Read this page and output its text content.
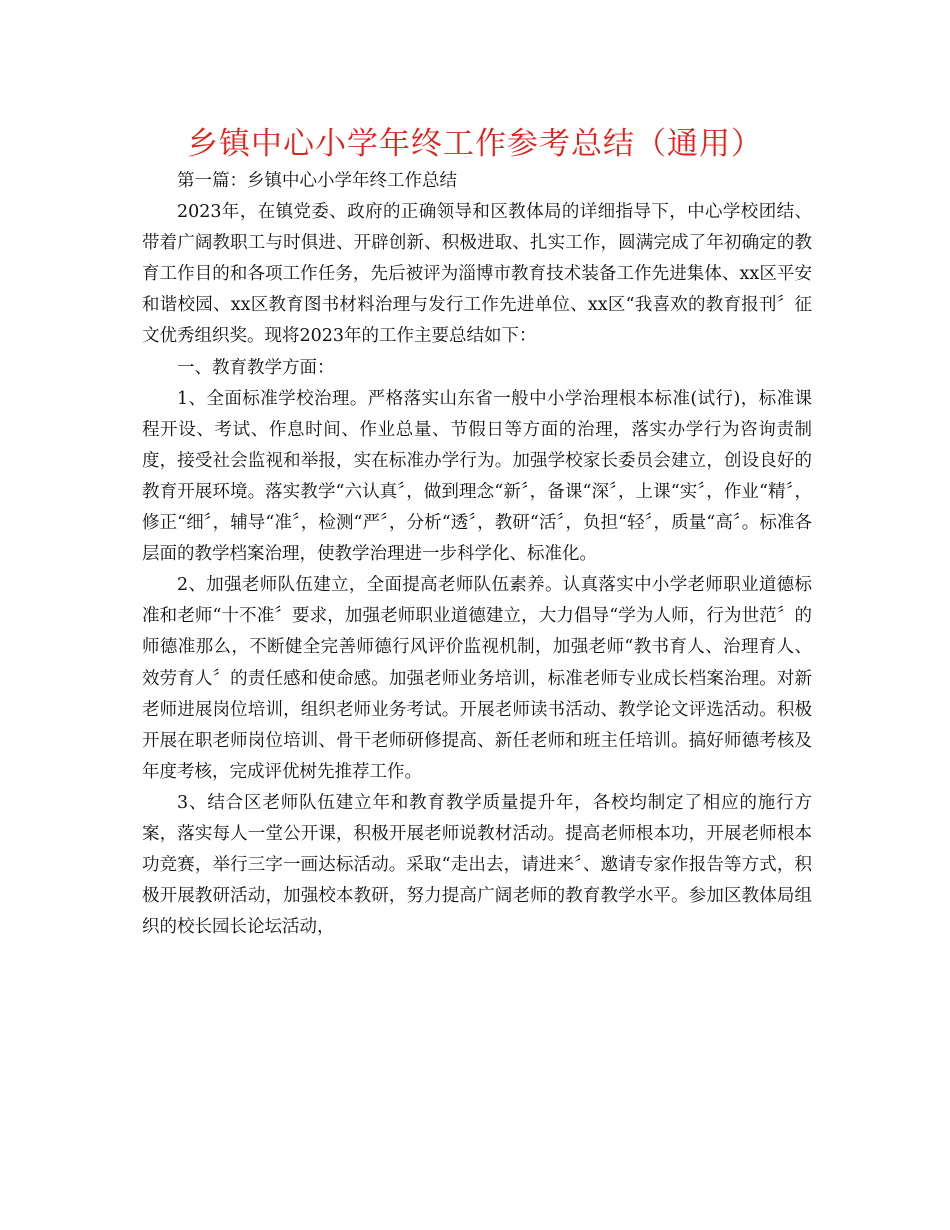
乡镇中心小学年终工作参考总结（通用）

第一篇：乡镇中心小学年终工作总结

2023年，在镇党委、政府的正确领导和区教体局的详细指导下，中心学校团结、带着广阔教职工与时俱进、开辟创新、积极进取、扎实工作，圆满完成了年初确定的教育工作目的和各项工作任务，先后被评为淄博市教育技术装备工作先进集体、xx区平安和谐校园、xx区教育图书材料治理与发行工作先进单位、xx区“我喜欢的教育报刊〞征文优秀组织奖。现将2023年的工作主要总结如下：

一、教育教学方面：

1、全面标准学校治理。严格落实山东省一般中小学治理根本标准(试行)，标准课程开设、考试、作息时间、作业总量、节假日等方面的治理，落实办学行为咨询责制度，接受社会监视和举报，实在标准办学行为。加强学校家长委员会建立，创设良好的教育开展环境。落实教学“六认真〞，做到理念“新〞，备课“深〞，上课“实〞，作业“精〞，修正“细〞，辅导“准〞，检测“严〞，分析“透〞，教研“活〞，负担“轻〞，质量“高〞。标准各层面的教学档案治理，使教学治理进一步科学化、标准化。

2、加强老师队伍建立，全面提高老师队伍素养。认真落实中小学老师职业道德标准和老师“十不准〞要求，加强老师职业道德建立，大力倡导“学为人师，行为世范〞的师德准那么，不断健全完善师德行风评价监视机制，加强老师“教书育人、治理育人、效劳育人〞的责任感和使命感。加强老师业务培训，标准老师专业成长档案治理。对新老师进展岗位培训，组织老师业务考试。开展老师读书活动、教学论文评选活动。积极开展在职老师岗位培训、骨干老师研修提高、新任老师和班主任培训。搞好师德考核及年度考核，完成评优树先推荐工作。

3、结合区老师队伍建立年和教育教学质量提升年，各校均制定了相应的施行方案，落实每人一堂公开课，积极开展老师说教材活动。提高老师根本功，开展老师根本功竞赛，举行三字一画达标活动。采取“走出去，请进来〞、邀请专家作报告等方式，积极开展教研活动，加强校本教研，努力提高广阔老师的教育教学水平。参加区教体局组织的校长园长论坛活动，
